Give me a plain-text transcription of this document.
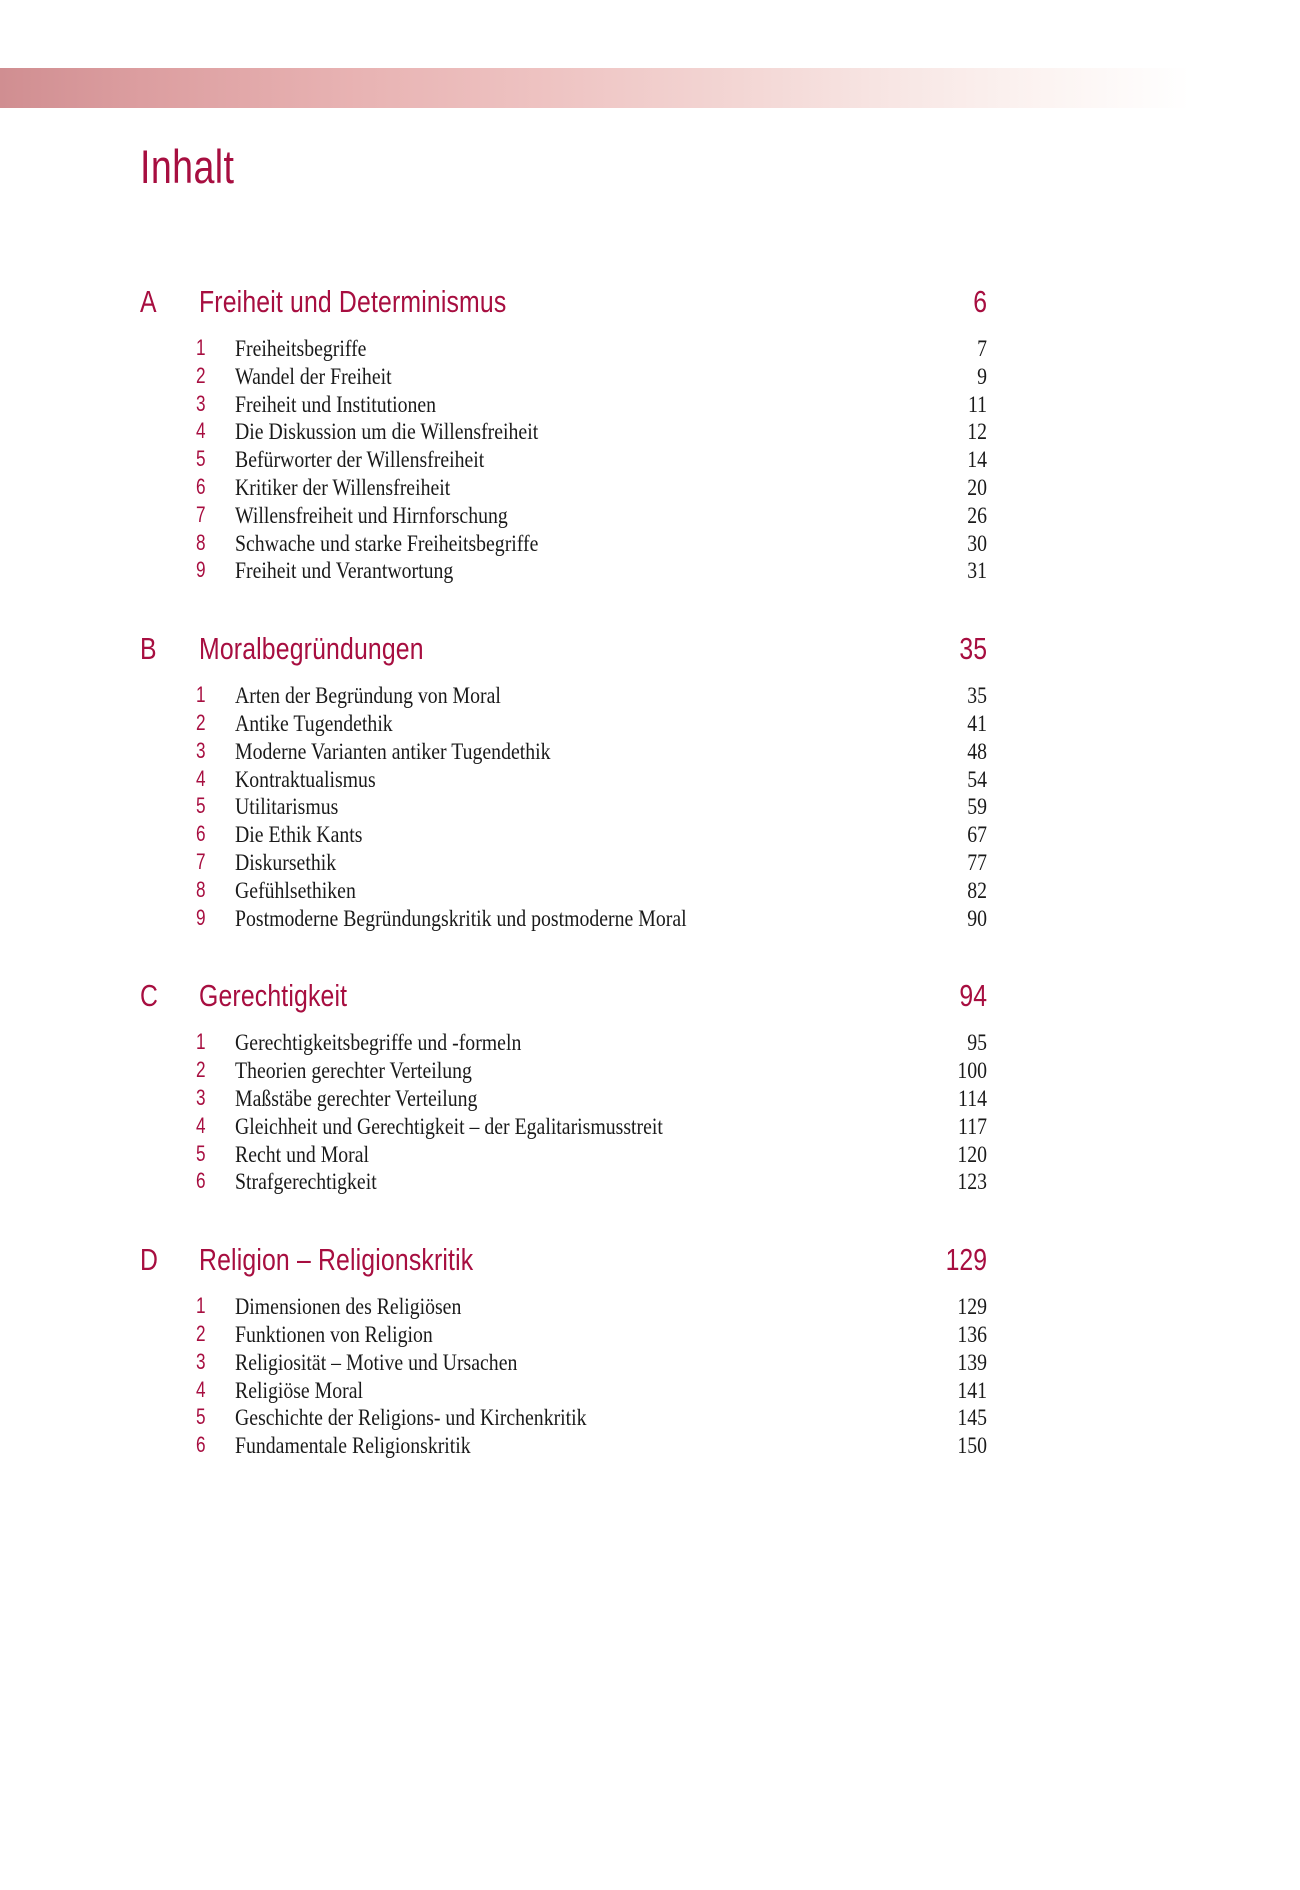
Inhalt
A Freiheit und Determinismus	6
1	Freiheitsbegriffe	7
2	Wandel der Freiheit	9
3	Freiheit und Institutionen	11
4	Die Diskussion um die Willensfreiheit	12
5	Befürworter der Willensfreiheit	14
6	Kritiker der Willensfreiheit	20
7	Willensfreiheit und Hirnforschung	26
8	Schwache und starke Freiheitsbegriffe	30
9	Freiheit und Verantwortung	31
B Moralbegründungen	35
1	Arten der Begründung von Moral	35
2	Antike Tugendethik	41
3	Moderne Varianten antiker Tugendethik	48
4	Kontraktualismus	54
5	Utilitarismus	59
6	Die Ethik Kants	67
7	Diskursethik	77
8	Gefühlsethiken	82
9	Postmoderne Begründungskritik und postmoderne Moral	90
C Gerechtigkeit	94
1	Gerechtigkeitsbegriffe und -formeln	95
2	Theorien gerechter Verteilung	100
3	Maßstäbe gerechter Verteilung	114
4	Gleichheit und Gerechtigkeit – der Egalitarismusstreit	117
5	Recht und Moral	120
6	Strafgerechtigkeit	123
D Religion – Religionskritik	129
1	Dimensionen des Religiösen	129
2	Funktionen von Religion	136
3	Religiosität – Motive und Ursachen	139
4	Religiöse Moral	141
5	Geschichte der Religions- und Kirchenkritik	145
6	Fundamentale Religionskritik	150
